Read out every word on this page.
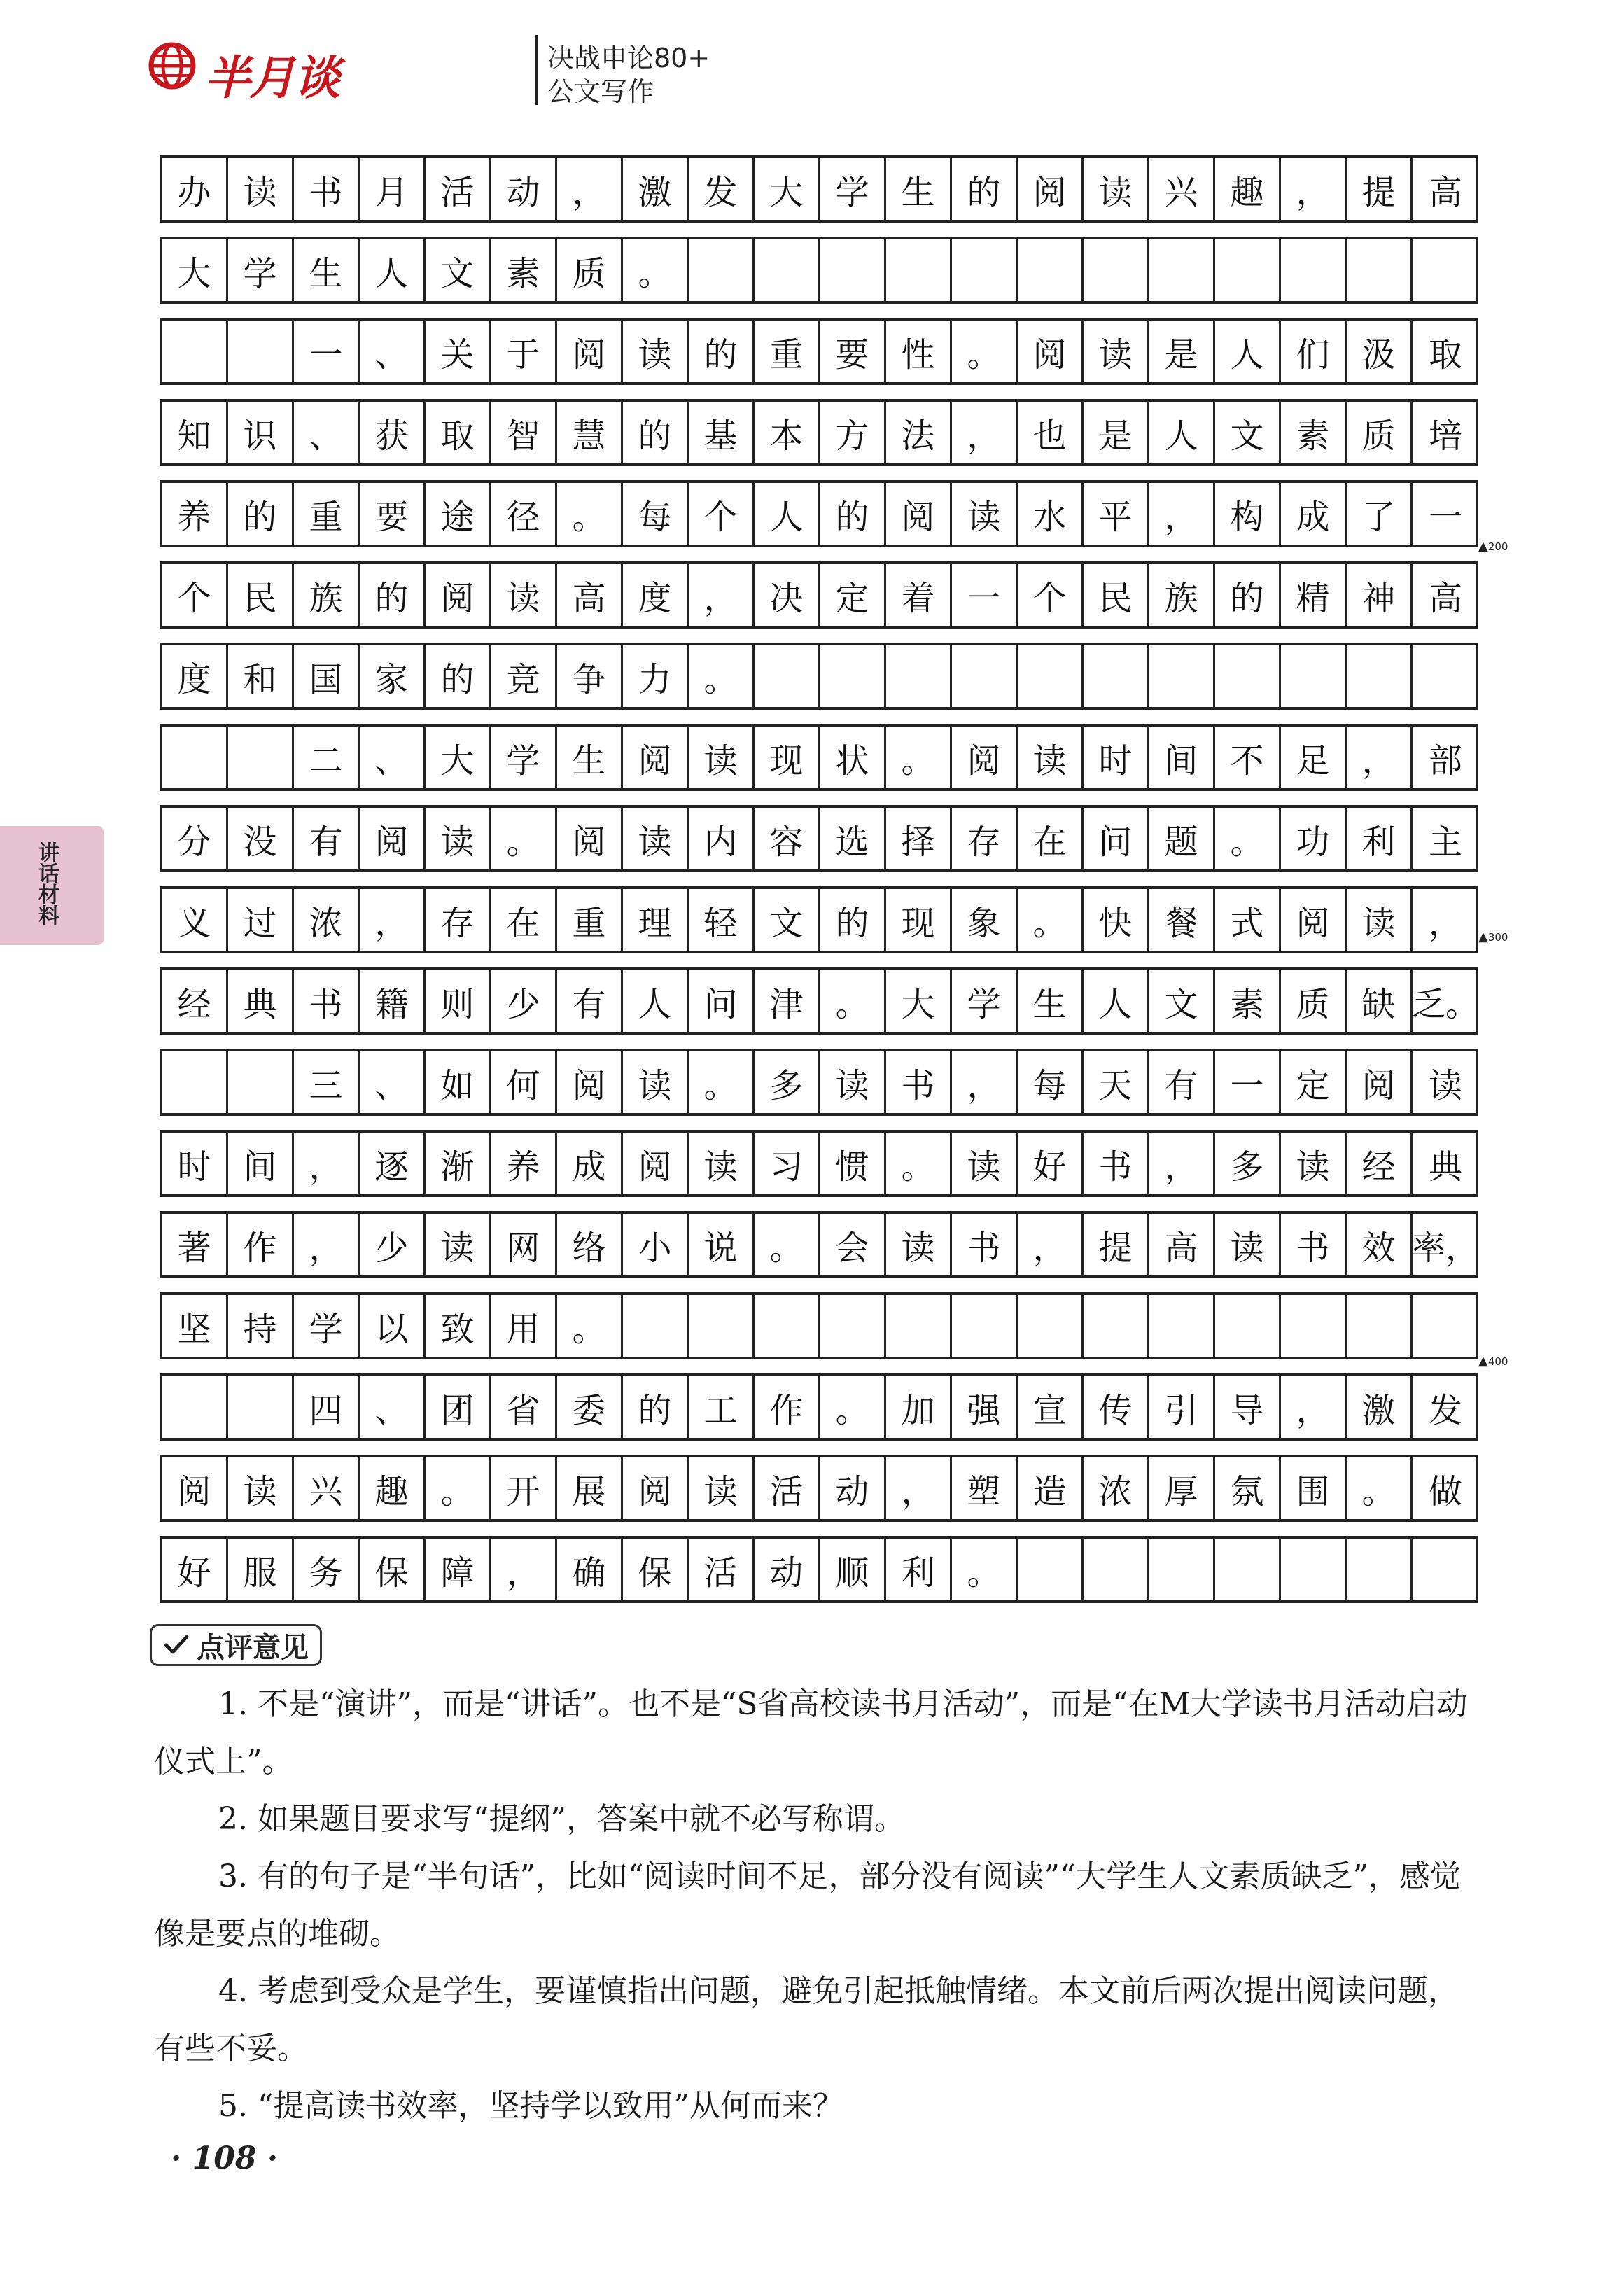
半月谈	决战申论80+
公文写作
讲话材料
办 读 书 月 活 动 ， 激 发 大 学 生 的 阅 读 兴 趣 ， 提 高
大 学 生 人 文 素 质 。
一 、 关 于 阅 读 的 重 要 性 。 阅 读 是 人 们 汲 取
知 识 、 获 取 智 慧 的 基 本 方 法 ， 也 是 人 文 素 质 培
养 的 重 要 途 径 。 每 个 人 的 阅 读 水 平 ， 构 成 了 一
个 民 族 的 阅 读 高 度 ， 决 定 着 一 个 民 族 的 精 神 高
度 和 国 家 的 竞 争 力 。
二 、 大 学 生 阅 读 现 状 。 阅 读 时 间 不 足 ， 部
分 没 有 阅 读 。 阅 读 内 容 选 择 存 在 问 题 。 功 利 主
义 过 浓 ， 存 在 重 理 轻 文 的 现 象 。 快 餐 式 阅 读 ，
经 典 书 籍 则 少 有 人 问 津 。 大 学 生 人 文 素 质 缺 乏。
三 、 如 何 阅 读 。 多 读 书 ， 每 天 有 一 定 阅 读
时 间 ， 逐 渐 养 成 阅 读 习 惯 。 读 好 书 ， 多 读 经 典
著 作 ， 少 读 网 络 小 说 。 会 读 书 ， 提 高 读 书 效 率，
坚 持 学 以 致 用 。
四 、 团 省 委 的 工 作 。 加 强 宣 传 引 导 ， 激 发
阅 读 兴 趣 。 开 展 阅 读 活 动 ， 塑 造 浓 厚 氛 围 。 做
好 服 务 保 障 ， 确 保 活 动 顺 利 。
▲200
▲300
▲400
点评意见

1. 不是“演讲”，而是“讲话”。也不是“S省高校读书月活动”，而是“在M大学读书月活动启动仪式上”。

2. 如果题目要求写“提纲”，答案中就不必写称谓。

3. 有的句子是“半句话”，比如“阅读时间不足，部分没有阅读”“大学生人文素质缺乏”，感觉像是要点的堆砌。

4. 考虑到受众是学生，要谨慎指出问题，避免引起抵触情绪。本文前后两次提出阅读问题，有些不妥。

5. “提高读书效率，坚持学以致用”从何而来？

· 108 ·
